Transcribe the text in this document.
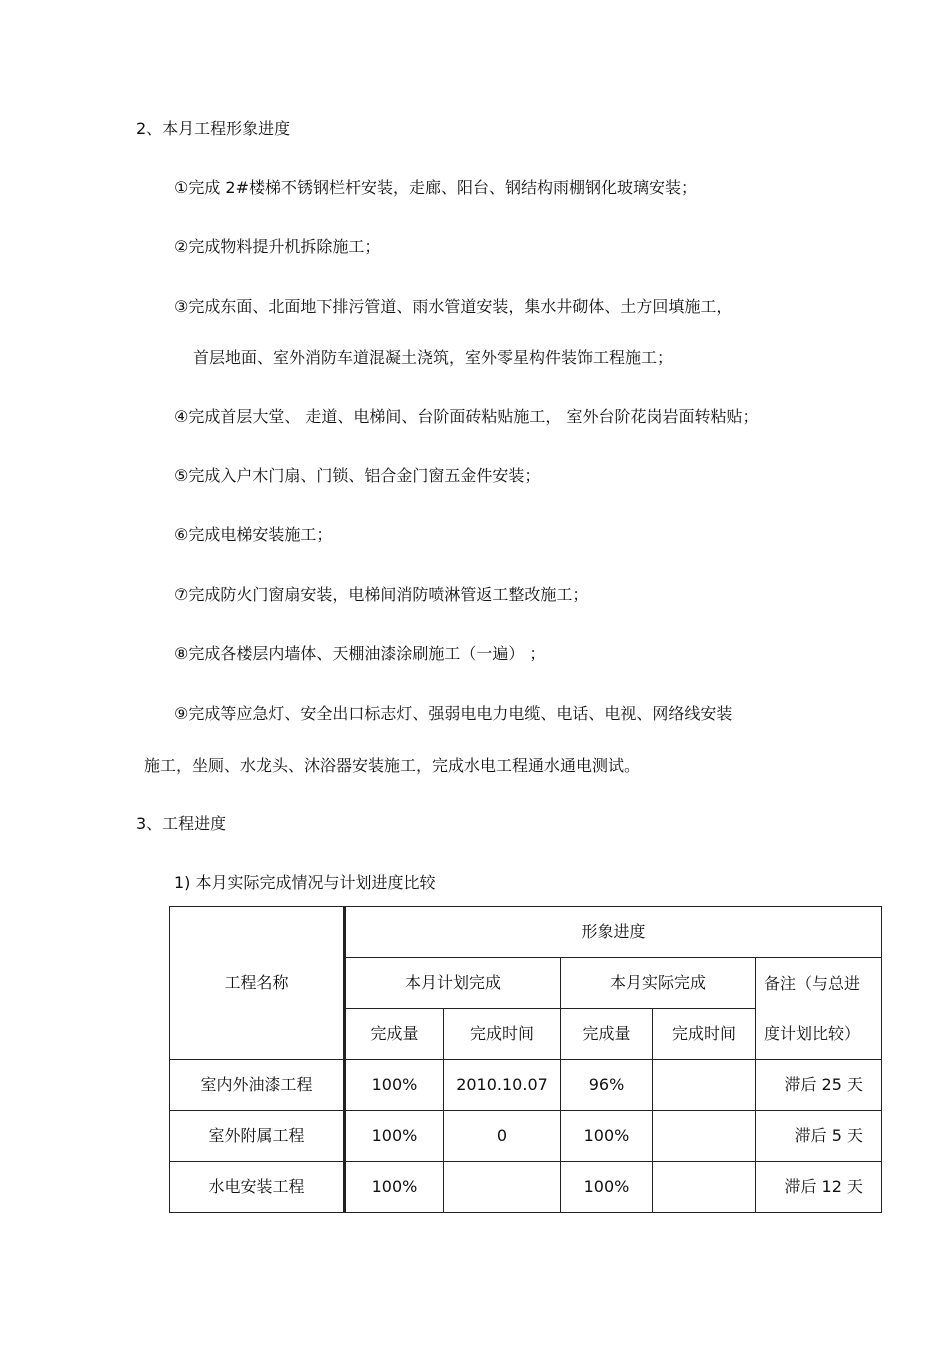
2、本月工程形象进度
①完成 2#楼梯不锈钢栏杆安装，走廊、阳台、钢结构雨棚钢化玻璃安装；
②完成物料提升机拆除施工；
③完成东面、北面地下排污管道、雨水管道安装，集水井砌体、土方回填施工，
首层地面、室外消防车道混凝土浇筑，室外零星构件装饰工程施工；
④完成首层大堂、 走道、电梯间、台阶面砖粘贴施工， 室外台阶花岗岩面转粘贴；
⑤完成入户木门扇、门锁、铝合金门窗五金件安装；
⑥完成电梯安装施工；
⑦完成防火门窗扇安装，电梯间消防喷淋管返工整改施工；
⑧完成各楼层内墙体、天棚油漆涂刷施工（一遍） ；
⑨完成等应急灯、安全出口标志灯、强弱电电力电缆、电话、电视、网络线安装
施工，坐厕、水龙头、沐浴器安装施工，完成水电工程通水通电测试。
3、工程进度
1) 本月实际完成情况与计划进度比较
工程名称	形象进度				
	本月计划完成		本月实际完成		备注（与总进
度计划比较）

	完成量	完成时间	完成量	完成时间	
室内外油漆工程	100%	2010.10.07	96%		滞后 25 天
室外附属工程	100%	0	100%		滞后 5 天
水电安装工程	100%		100%		滞后 12 天
